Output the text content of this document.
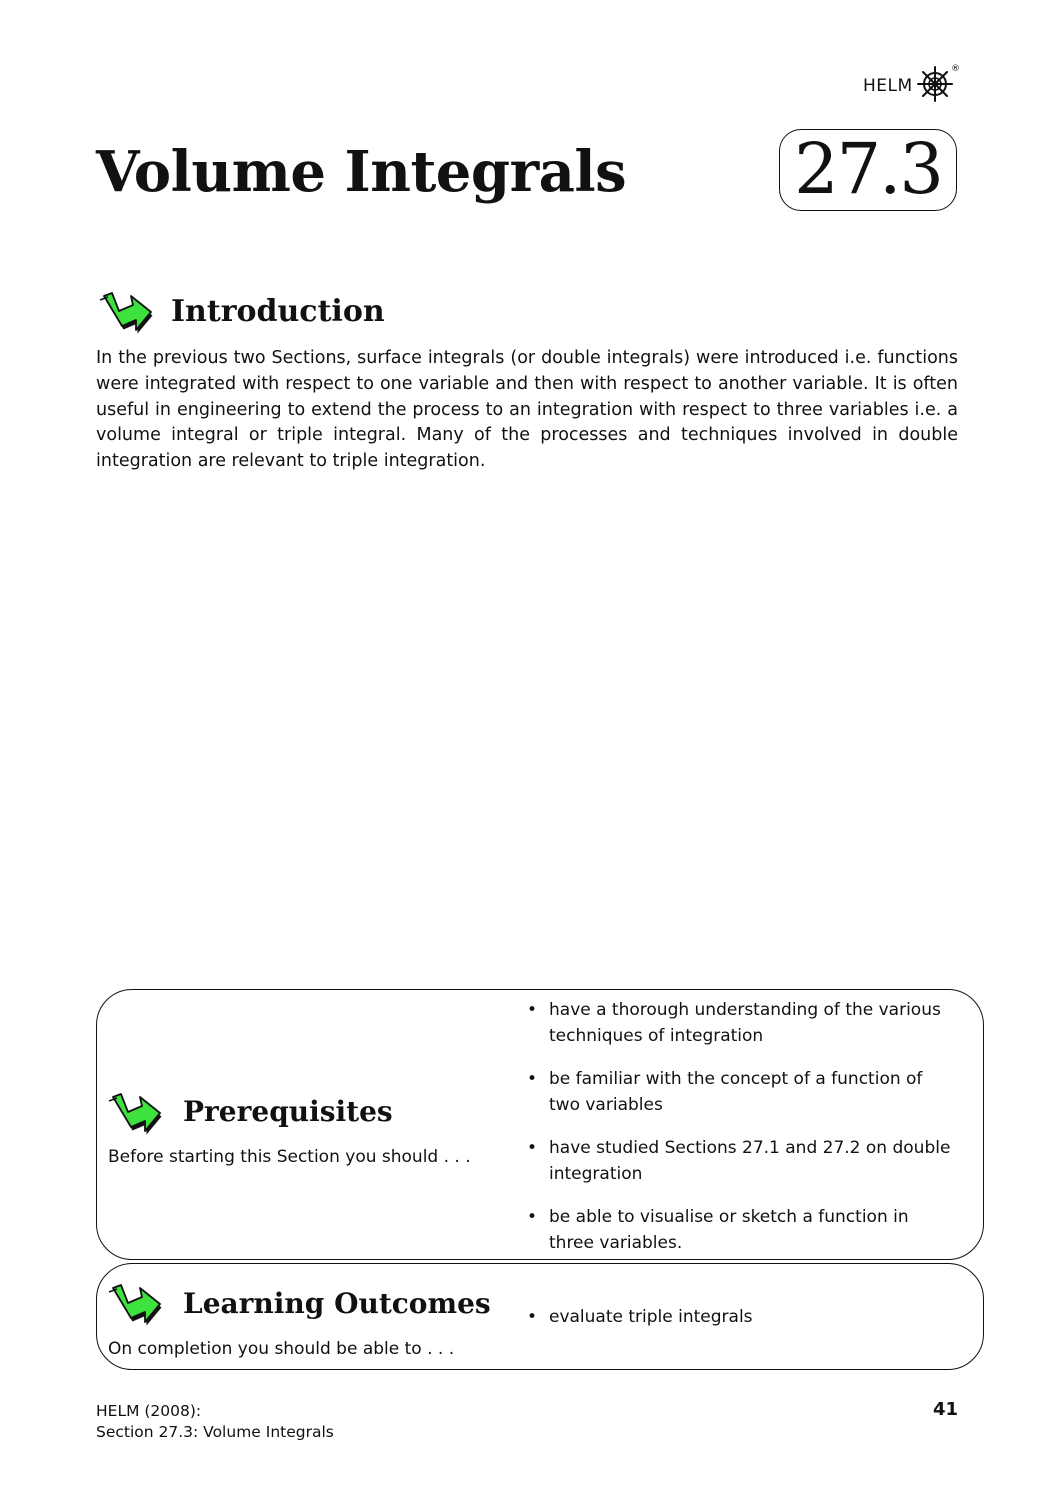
HELM
®
Volume Integrals 27.3
Introduction

In the previous two Sections, surface integrals (or double integrals) were introduced i.e. functions were integrated with respect to one variable and then with respect to another variable. It is often useful in engineering to extend the process to an integration with respect to three variables i.e. a volume integral or triple integral. Many of the processes and techniques involved in double integration are relevant to triple integration.

Prerequisites

Before starting this Section you should . . .

• have a thorough understanding of the various techniques of integration
• be familiar with the concept of a function of two variables
• have studied Sections 27.1 and 27.2 on double integration
• be able to visualise or sketch a function in three variables.
Learning Outcomes

On completion you should be able to . . .

• evaluate triple integrals
HELM (2008):
Section 27.3: Volume Integrals
41
